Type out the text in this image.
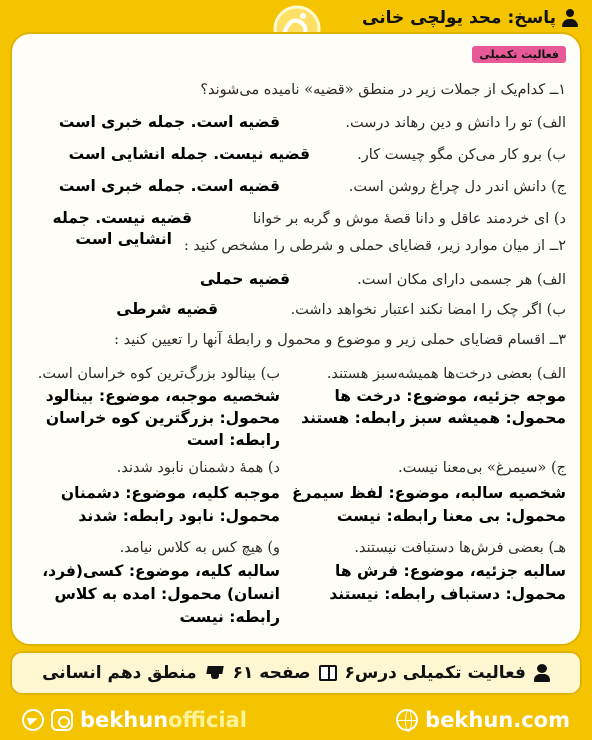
پاسخ: محد یولچی خانی
فعالیت تکمیلی
۱ــ کدام‌یک از جملات زیر در منطق «قضیه» نامیده می‌شوند؟
الف) تو را دانش و دین رهاند درست.
قضیه است. جمله خبری است
ب) برو کار می‌کن مگو چیست کار.
قضیه نیست. جمله انشایی است
ج) دانش اندر دل چراغ روشن است.
قضیه است. جمله خبری است
د) ای خردمند عاقل و دانا قصهٔ موش و گربه بر خوانا
قضیه نیست. جمله
انشایی است ۲ــ از میان موارد زیر، قضایای حملی و شرطی را مشخص کنید :
الف) هر جسمی دارای مکان است.
قضیه حملی
ب) اگر چک را امضا نکند اعتبار نخواهد داشت.
قضیه شرطی
۳ــ اقسام قضایای حملی زیر و موضوع و محمول و رابطهٔ آنها را تعیین کنید :
الف) بعضی درخت‌ها همیشه‌سبز هستند.
موجه جزئیه، موضوع: درخت ها
محمول: همیشه سبز رابطه: هستند
ب) بینالود بزرگ‌ترین کوه خراسان است.
شخصیه موجبه، موضوع: بینالود
محمول: بزرگترین کوه خراسان
رابطه: است
ج) «سیمرغ» بی‌معنا نیست.
شخصیه سالبه، موضوع: لفظ سیمرغ
محمول: بی معنا رابطه: نیست
د) همهٔ دشمنان نابود شدند.
موجبه کلیه، موضوع: دشمنان
محمول: نابود رابطه: شدند
هـ) بعضی فرش‌ها دستبافت نیستند.
سالبه جزئیه، موضوع: فرش ها
محمول: دستباف رابطه: نیستند
و) هیچ کس به کلاس نیامد.
سالبه کلیه، موضوع: کسی(فرد،
انسان) محمول: امده به کلاس
رابطه: نیست
فعالیت تکمیلی درس۶
صفحه ۶۱
منطق دهم انسانی
bekhunofficial	bekhun.com
